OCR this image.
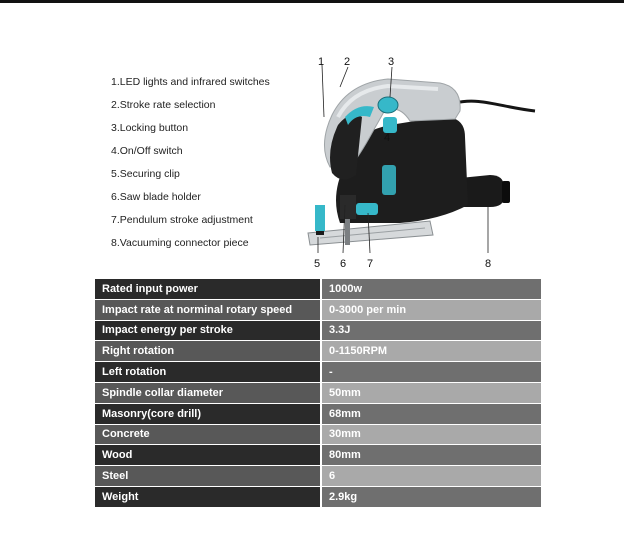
1.LED lights and infrared switches
2.Stroke rate selection
3.Locking button
4.On/Off switch
5.Securing clip
6.Saw blade holder
7.Pendulum stroke adjustment
8.Vacuuming connector piece
1 2	3
4
5 6 7	8
Rated input power	1000w
Impact rate at norminal rotary speed	0-3000 per min
Impact energy per stroke	3.3J
Right rotation	0-1150RPM
Left rotation	-
Spindle collar diameter	50mm
Masonry(core drill)	68mm
Concrete	30mm
Wood	80mm
Steel	6
Weight	2.9kg
